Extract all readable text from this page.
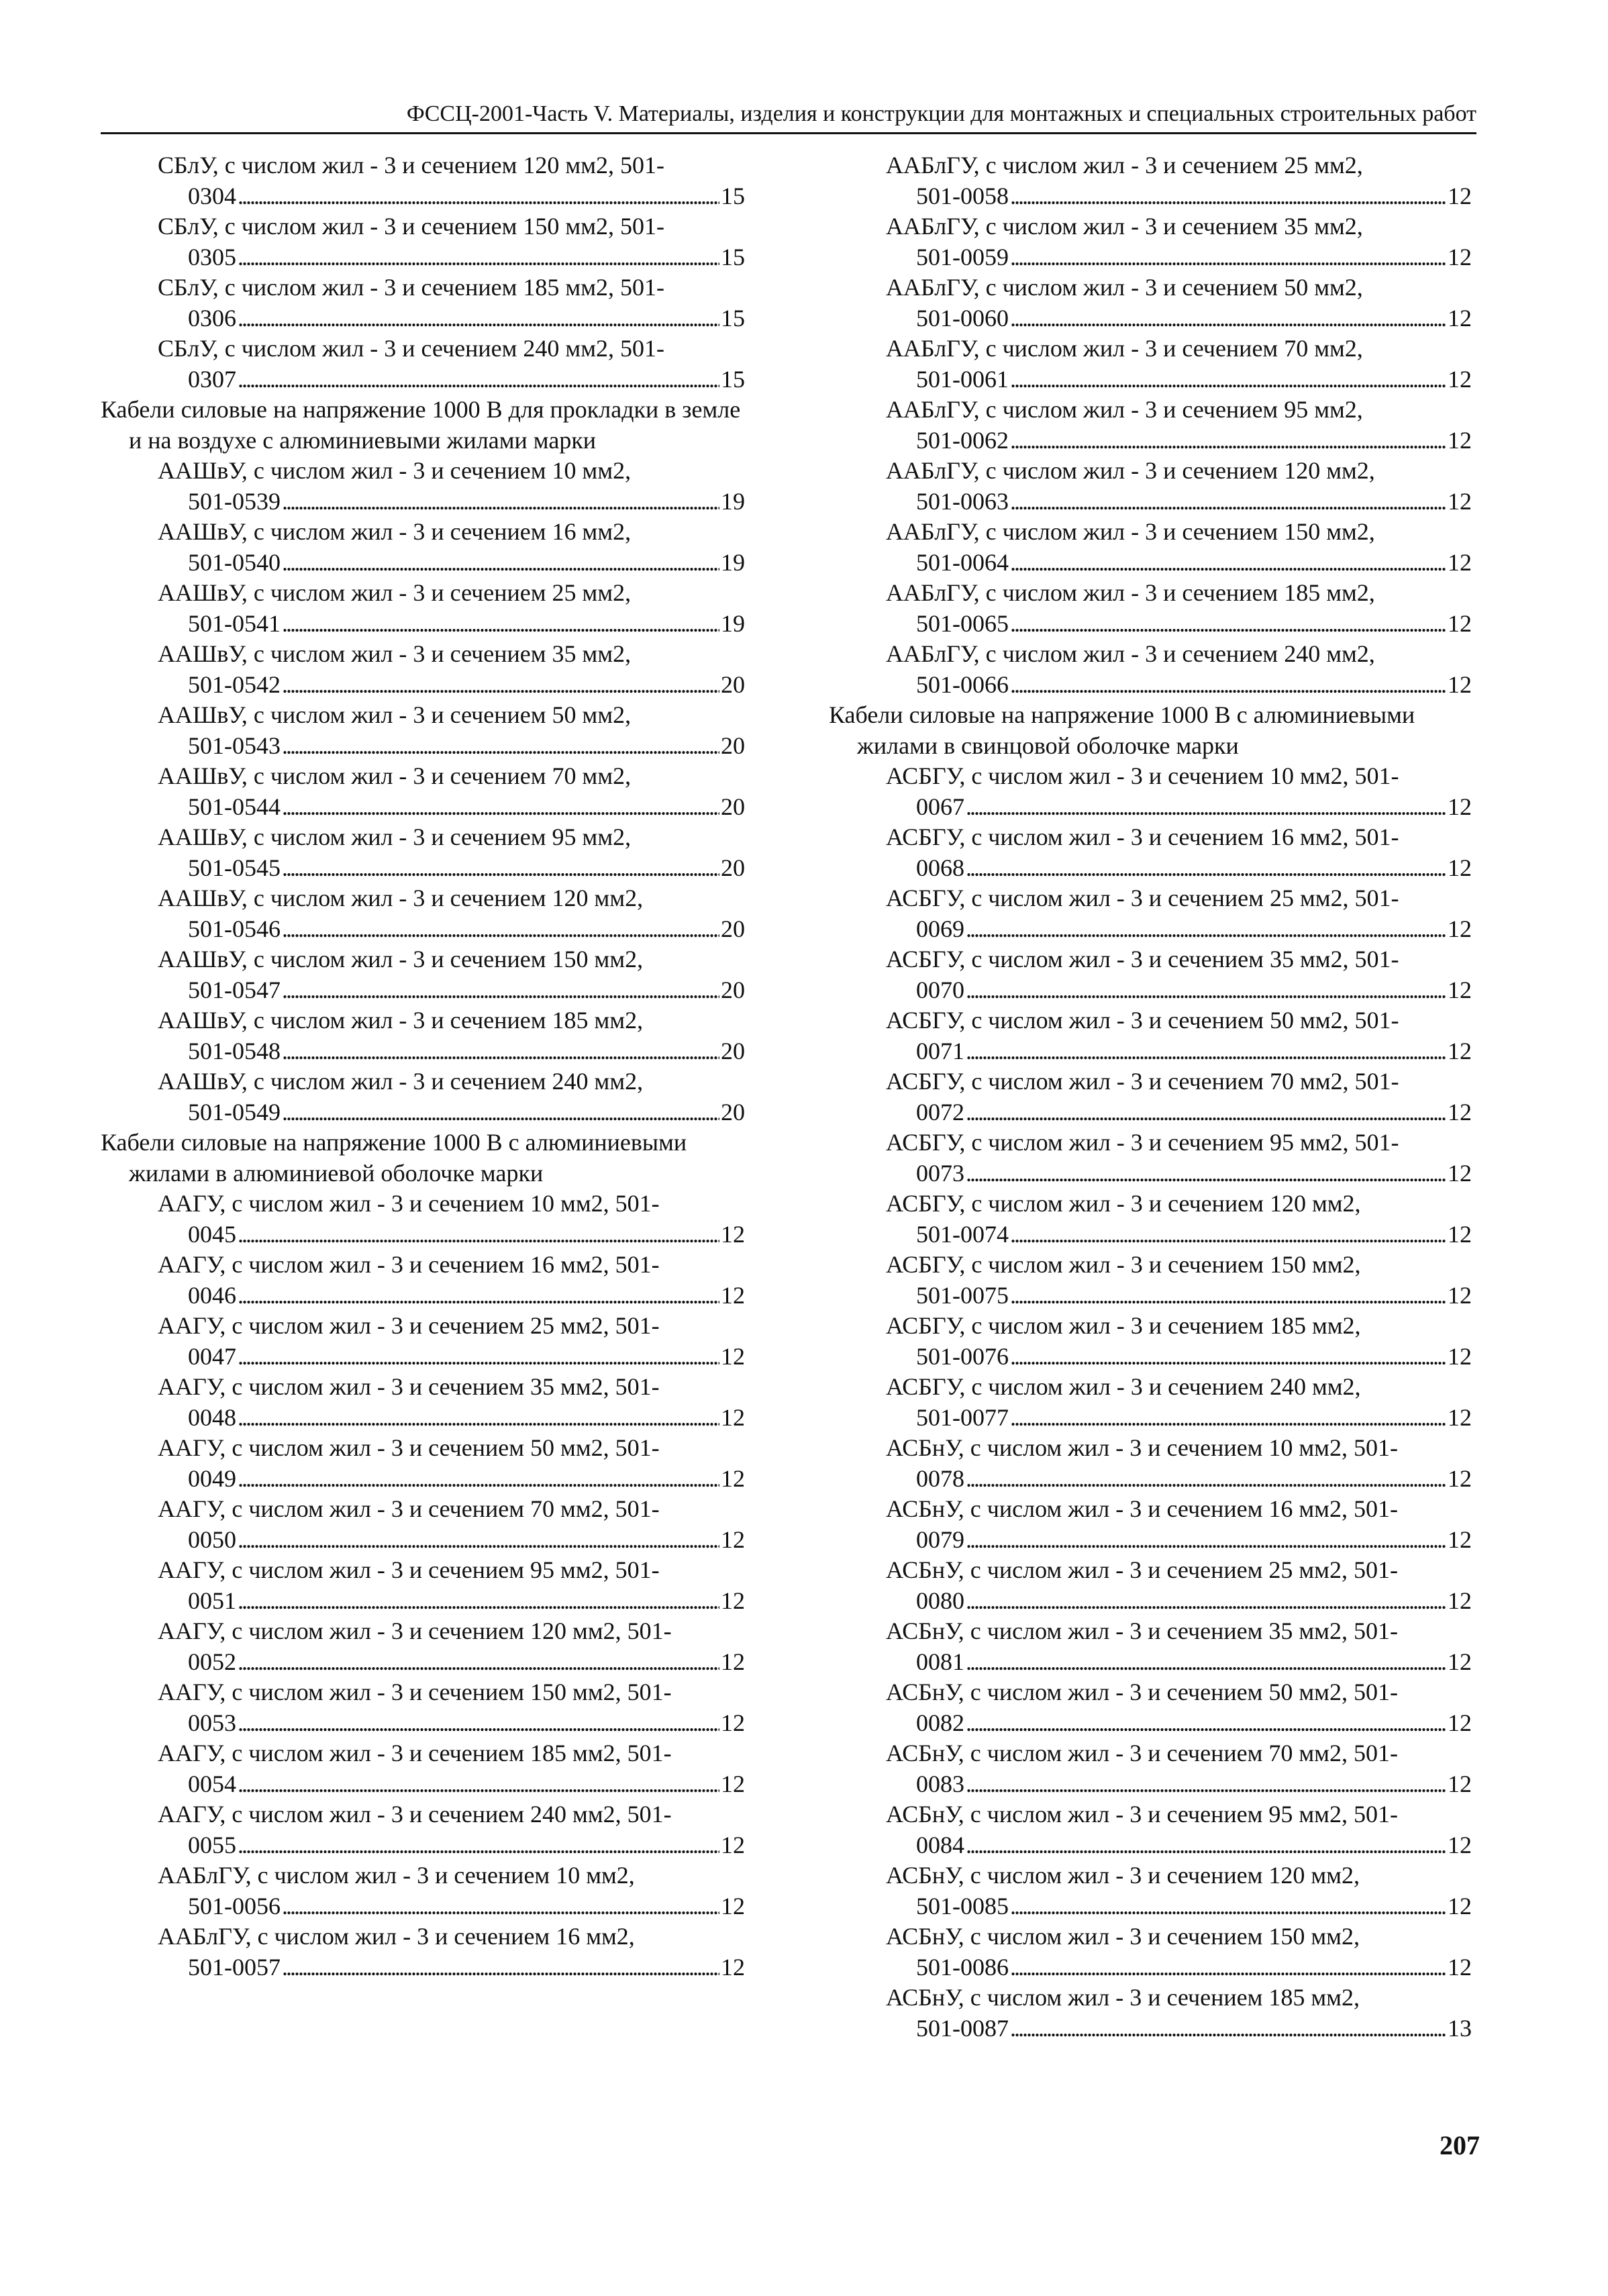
ФССЦ-2001-Часть V. Материалы, изделия и конструкции для монтажных и специальных строительных работ
СБлУ, с числом жил - 3 и сечением 120 мм2, 501-
0304 . . .	15
СБлУ, с числом жил - 3 и сечением 150 мм2, 501-
0305 . . .	15
СБлУ, с числом жил - 3 и сечением 185 мм2, 501-
0306 . . .	15
СБлУ, с числом жил - 3 и сечением 240 мм2, 501-
0307 . . .	15
Кабели силовые на напряжение 1000 В для прокладки в земле и на воздухе с алюминиевыми жилами марки
ААШвУ, с числом жил - 3 и сечением 10 мм2,
501-0539 . . .	19
ААШвУ, с числом жил - 3 и сечением 16 мм2,
501-0540 . . .	19
ААШвУ, с числом жил - 3 и сечением 25 мм2,
501-0541 . . .	19
ААШвУ, с числом жил - 3 и сечением 35 мм2,
501-0542 . . .	20
ААШвУ, с числом жил - 3 и сечением 50 мм2,
501-0543 . . .	20
ААШвУ, с числом жил - 3 и сечением 70 мм2,
501-0544 . . .	20
ААШвУ, с числом жил - 3 и сечением 95 мм2,
501-0545 . . .	20
ААШвУ, с числом жил - 3 и сечением 120 мм2,
501-0546 . . .	20
ААШвУ, с числом жил - 3 и сечением 150 мм2,
501-0547 . . .	20
ААШвУ, с числом жил - 3 и сечением 185 мм2,
501-0548 . . .	20
ААШвУ, с числом жил - 3 и сечением 240 мм2,
501-0549 . . .	20
Кабели силовые на напряжение 1000 В с алюминиевыми жилами в алюминиевой оболочке марки
ААГУ, с числом жил - 3 и сечением 10 мм2, 501-
0045 . . .	12
ААГУ, с числом жил - 3 и сечением 16 мм2, 501-
0046 . . .	12
ААГУ, с числом жил - 3 и сечением 25 мм2, 501-
0047 . . .	12
ААГУ, с числом жил - 3 и сечением 35 мм2, 501-
0048 . . .	12
ААГУ, с числом жил - 3 и сечением 50 мм2, 501-
0049 . . .	12
ААГУ, с числом жил - 3 и сечением 70 мм2, 501-
0050 . . .	12
ААГУ, с числом жил - 3 и сечением 95 мм2, 501-
0051 . . .	12
ААГУ, с числом жил - 3 и сечением 120 мм2, 501-
0052 . . .	12
ААГУ, с числом жил - 3 и сечением 150 мм2, 501-
0053 . . .	12
ААГУ, с числом жил - 3 и сечением 185 мм2, 501-
0054 . . .	12
ААГУ, с числом жил - 3 и сечением 240 мм2, 501-
0055 . . .	12
ААБлГУ, с числом жил - 3 и сечением 10 мм2,
501-0056 . . .	12
ААБлГУ, с числом жил - 3 и сечением 16 мм2,
501-0057 . . .	12
ААБлГУ, с числом жил - 3 и сечением 25 мм2,
501-0058 . . .	12
ААБлГУ, с числом жил - 3 и сечением 35 мм2,
501-0059 . . .	12
ААБлГУ, с числом жил - 3 и сечением 50 мм2,
501-0060 . . .	12
ААБлГУ, с числом жил - 3 и сечением 70 мм2,
501-0061 . . .	12
ААБлГУ, с числом жил - 3 и сечением 95 мм2,
501-0062 . . .	12
ААБлГУ, с числом жил - 3 и сечением 120 мм2,
501-0063 . . .	12
ААБлГУ, с числом жил - 3 и сечением 150 мм2,
501-0064 . . .	12
ААБлГУ, с числом жил - 3 и сечением 185 мм2,
501-0065 . . .	12
ААБлГУ, с числом жил - 3 и сечением 240 мм2,
501-0066 . . .	12
Кабели силовые на напряжение 1000 В с алюминиевыми жилами в свинцовой оболочке марки
АСБГУ, с числом жил - 3 и сечением 10 мм2, 501-
0067 . . .	12
АСБГУ, с числом жил - 3 и сечением 16 мм2, 501-
0068 . . .	12
АСБГУ, с числом жил - 3 и сечением 25 мм2, 501-
0069 . . .	12
АСБГУ, с числом жил - 3 и сечением 35 мм2, 501-
0070 . . .	12
АСБГУ, с числом жил - 3 и сечением 50 мм2, 501-
0071 . . .	12
АСБГУ, с числом жил - 3 и сечением 70 мм2, 501-
0072 . . .	12
АСБГУ, с числом жил - 3 и сечением 95 мм2, 501-
0073 . . .	12
АСБГУ, с числом жил - 3 и сечением 120 мм2,
501-0074 . . .	12
АСБГУ, с числом жил - 3 и сечением 150 мм2,
501-0075 . . .	12
АСБГУ, с числом жил - 3 и сечением 185 мм2,
501-0076 . . .	12
АСБГУ, с числом жил - 3 и сечением 240 мм2,
501-0077 . . .	12
АСБнУ, с числом жил - 3 и сечением 10 мм2, 501-
0078 . . .	12
АСБнУ, с числом жил - 3 и сечением 16 мм2, 501-
0079 . . .	12
АСБнУ, с числом жил - 3 и сечением 25 мм2, 501-
0080 . . .	12
АСБнУ, с числом жил - 3 и сечением 35 мм2, 501-
0081 . . .	12
АСБнУ, с числом жил - 3 и сечением 50 мм2, 501-
0082 . . .	12
АСБнУ, с числом жил - 3 и сечением 70 мм2, 501-
0083 . . .	12
АСБнУ, с числом жил - 3 и сечением 95 мм2, 501-
0084 . . .	12
АСБнУ, с числом жил - 3 и сечением 120 мм2,
501-0085 . . .	12
АСБнУ, с числом жил - 3 и сечением 150 мм2,
501-0086 . . .	12
АСБнУ, с числом жил - 3 и сечением 185 мм2,
501-0087 . . .	13
207
